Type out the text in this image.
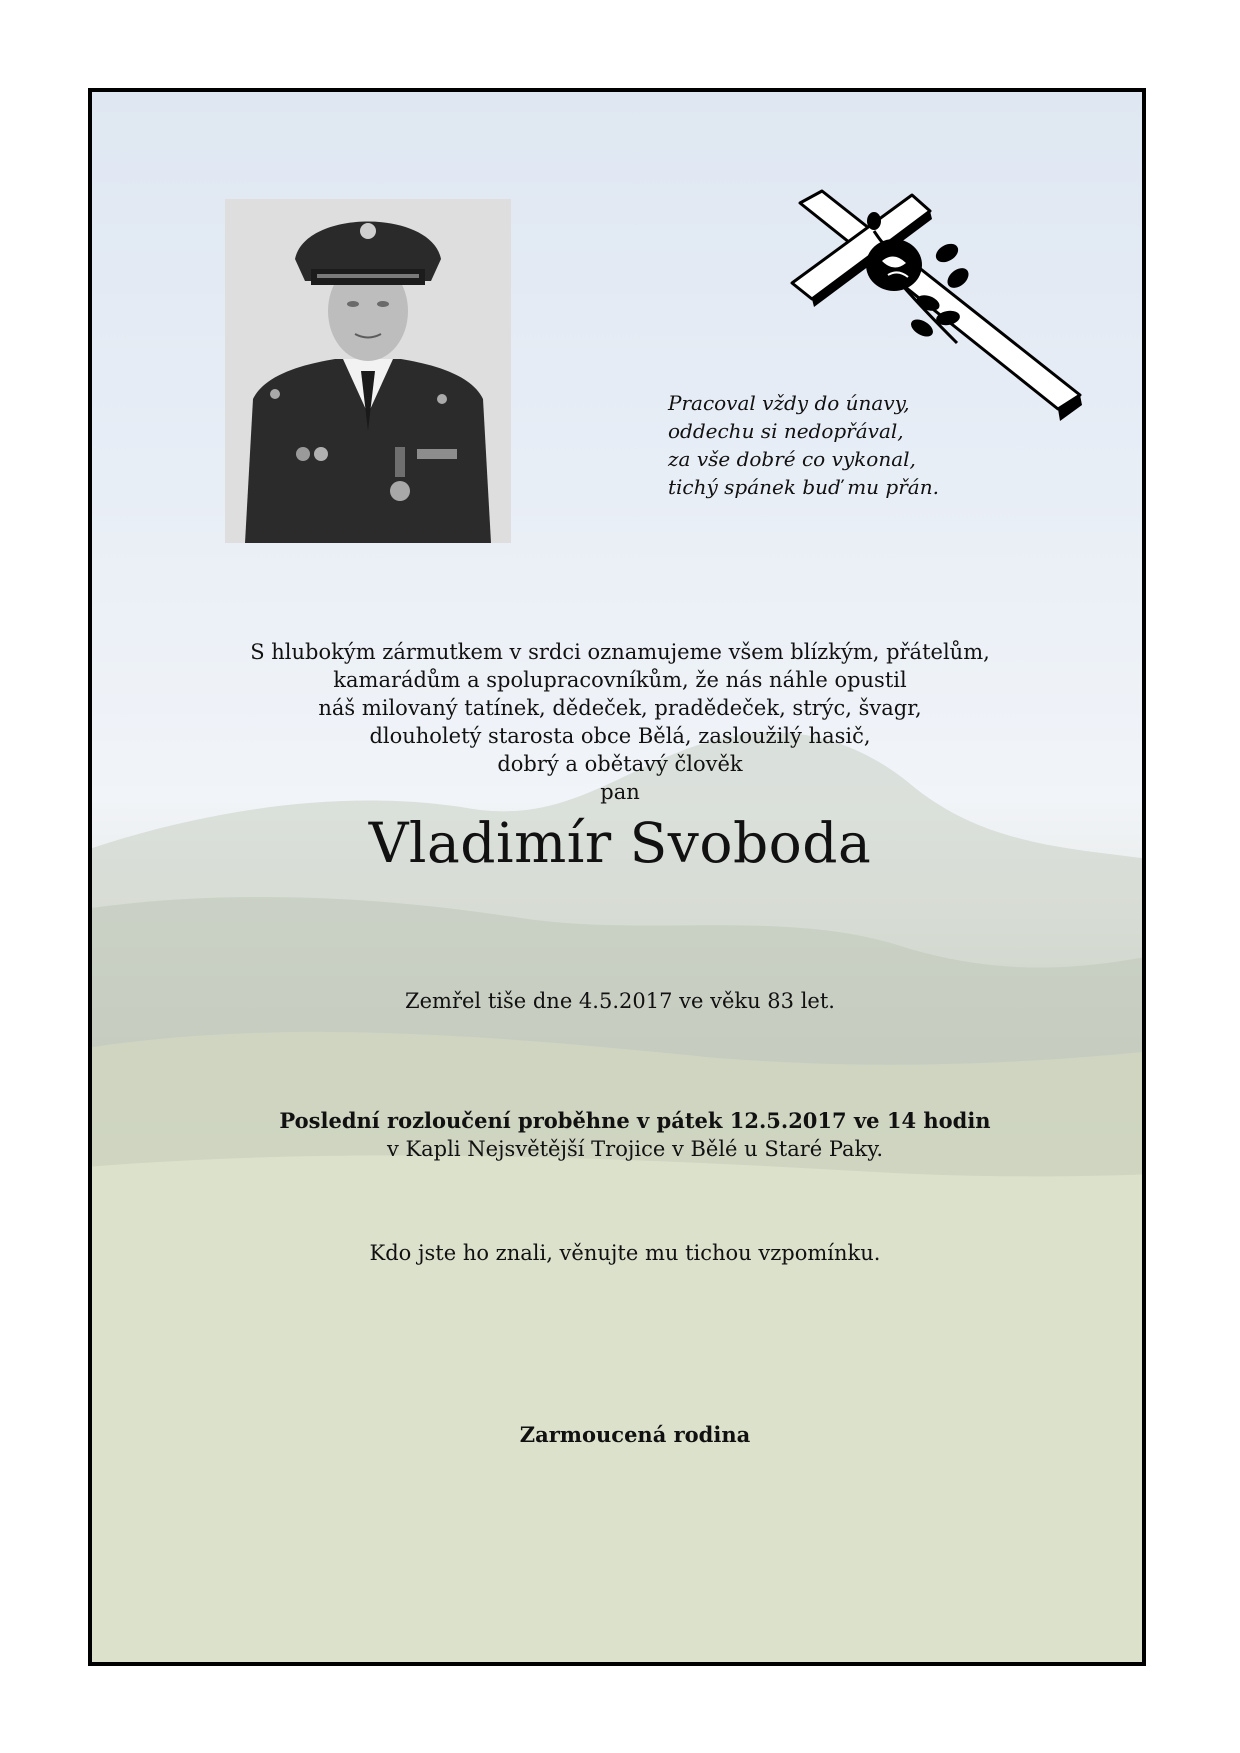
Pracoval vždy do únavy,
oddechu si nedopřával,
za vše dobré co vykonal,
tichý spánek buď mu přán.
S hlubokým zármutkem v srdci oznamujeme všem blízkým, přátelům,
kamarádům a spolupracovníkům, že nás náhle opustil
náš milovaný tatínek, dědeček, pradědeček, strýc, švagr,
dlouholetý starosta obce Bělá, zasloužilý hasič,
dobrý a obětavý člověk
pan
Vladimír Svoboda
Zemřel tiše dne 4.5.2017 ve věku 83 let.
Poslední rozloučení proběhne v pátek 12.5.2017 ve 14 hodin
v Kapli Nejsvětější Trojice v Bělé u Staré Paky.
Kdo jste ho znali, věnujte mu tichou vzpomínku.
Zarmoucená rodina
